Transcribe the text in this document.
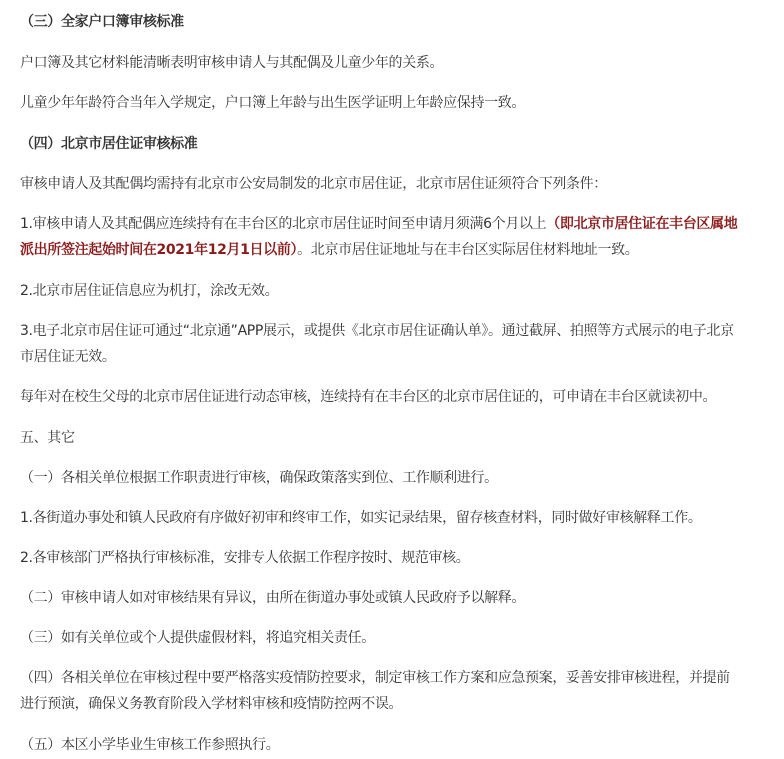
（三）全家户口簿审核标准
户口簿及其它材料能清晰表明审核申请人与其配偶及儿童少年的关系。
儿童少年年龄符合当年入学规定，户口簿上年龄与出生医学证明上年龄应保持一致。
（四）北京市居住证审核标准
审核申请人及其配偶均需持有北京市公安局制发的北京市居住证，北京市居住证须符合下列条件：
1.审核申请人及其配偶应连续持有在丰台区的北京市居住证时间至申请月须满6个月以上（即北京市居住证在丰台区属地
派出所签注起始时间在2021年12月1日以前）。北京市居住证地址与在丰台区实际居住材料地址一致。
2.北京市居住证信息应为机打，涂改无效。
3.电子北京市居住证可通过“北京通”APP展示，或提供《北京市居住证确认单》。通过截屏、拍照等方式展示的电子北京
市居住证无效。
每年对在校生父母的北京市居住证进行动态审核，连续持有在丰台区的北京市居住证的，可申请在丰台区就读初中。
五、其它
（一）各相关单位根据工作职责进行审核，确保政策落实到位、工作顺利进行。
1.各街道办事处和镇人民政府有序做好初审和终审工作，如实记录结果，留存核查材料，同时做好审核解释工作。
2.各审核部门严格执行审核标准，安排专人依据工作程序按时、规范审核。
（二）审核申请人如对审核结果有异议，由所在街道办事处或镇人民政府予以解释。
（三）如有关单位或个人提供虚假材料，将追究相关责任。
（四）各相关单位在审核过程中要严格落实疫情防控要求，制定审核工作方案和应急预案，妥善安排审核进程，并提前
进行预演，确保义务教育阶段入学材料审核和疫情防控两不误。
（五）本区小学毕业生审核工作参照执行。
